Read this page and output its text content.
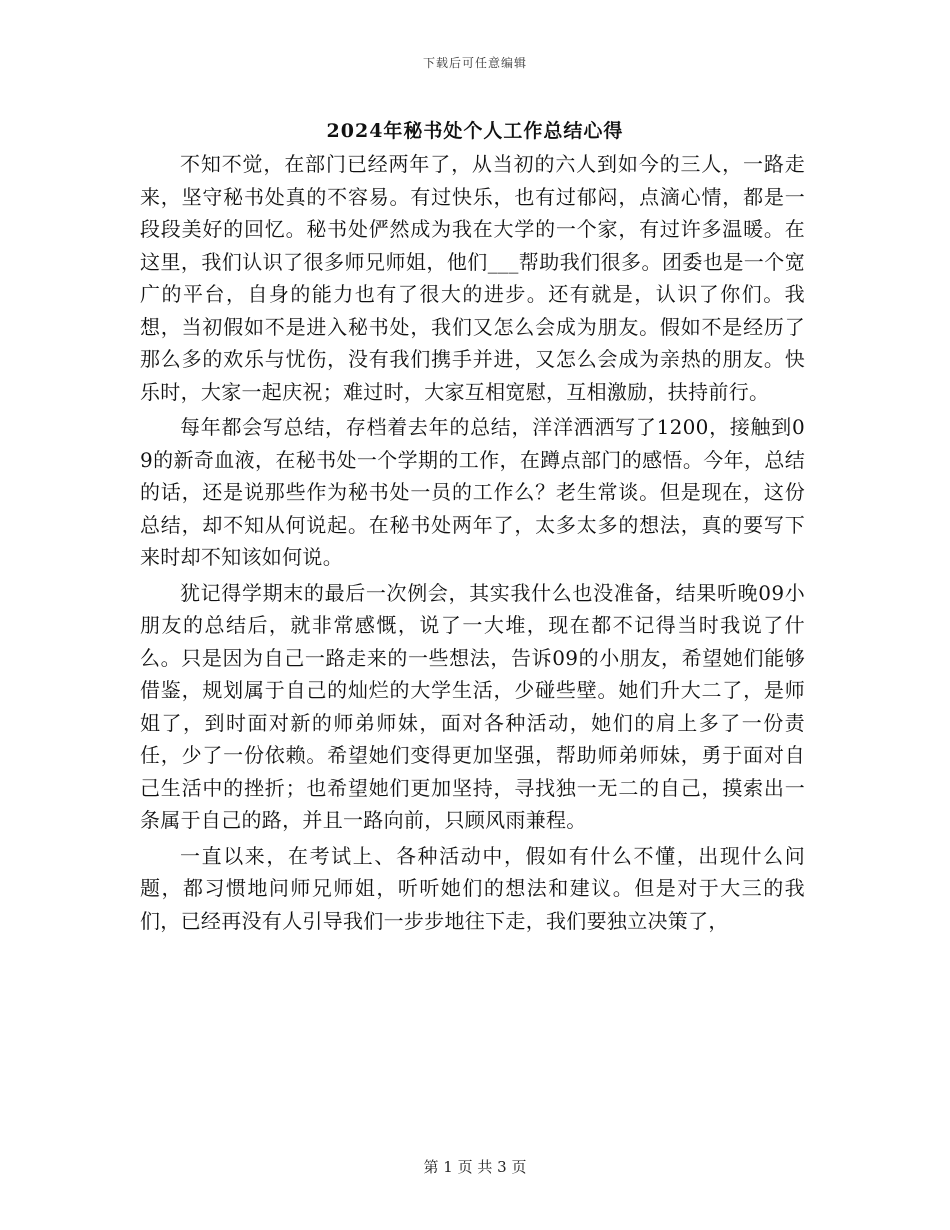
下载后可任意编辑
2024年秘书处个人工作总结心得

不知不觉，在部门已经两年了，从当初的六人到如今的三人，一路走来，坚守秘书处真的不容易。有过快乐，也有过郁闷，点滴心情，都是一段段美好的回忆。秘书处俨然成为我在大学的一个家，有过许多温暖。在这里，我们认识了很多师兄师姐，他们___帮助我们很多。团委也是一个宽广的平台，自身的能力也有了很大的进步。还有就是，认识了你们。我想，当初假如不是进入秘书处，我们又怎么会成为朋友。假如不是经历了那么多的欢乐与忧伤，没有我们携手并进，又怎么会成为亲热的朋友。快乐时，大家一起庆祝；难过时，大家互相宽慰，互相激励，扶持前行。

每年都会写总结，存档着去年的总结，洋洋洒洒写了1200，接触到09的新奇血液，在秘书处一个学期的工作，在蹲点部门的感悟。今年，总结的话，还是说那些作为秘书处一员的工作么？老生常谈。但是现在，这份总结，却不知从何说起。在秘书处两年了，太多太多的想法，真的要写下来时却不知该如何说。

犹记得学期末的最后一次例会，其实我什么也没准备，结果听晚09小朋友的总结后，就非常感慨，说了一大堆，现在都不记得当时我说了什么。只是因为自己一路走来的一些想法，告诉09的小朋友，希望她们能够借鉴，规划属于自己的灿烂的大学生活，少碰些壁。她们升大二了，是师姐了，到时面对新的师弟师妹，面对各种活动，她们的肩上多了一份责任，少了一份依赖。希望她们变得更加坚强，帮助师弟师妹，勇于面对自己生活中的挫折；也希望她们更加坚持，寻找独一无二的自己，摸索出一条属于自己的路，并且一路向前，只顾风雨兼程。

一直以来，在考试上、各种活动中，假如有什么不懂，出现什么问题，都习惯地问师兄师姐，听听她们的想法和建议。但是对于大三的我们，已经再没有人引导我们一步步地往下走，我们要独立决策了，

第 1 页 共 3 页
